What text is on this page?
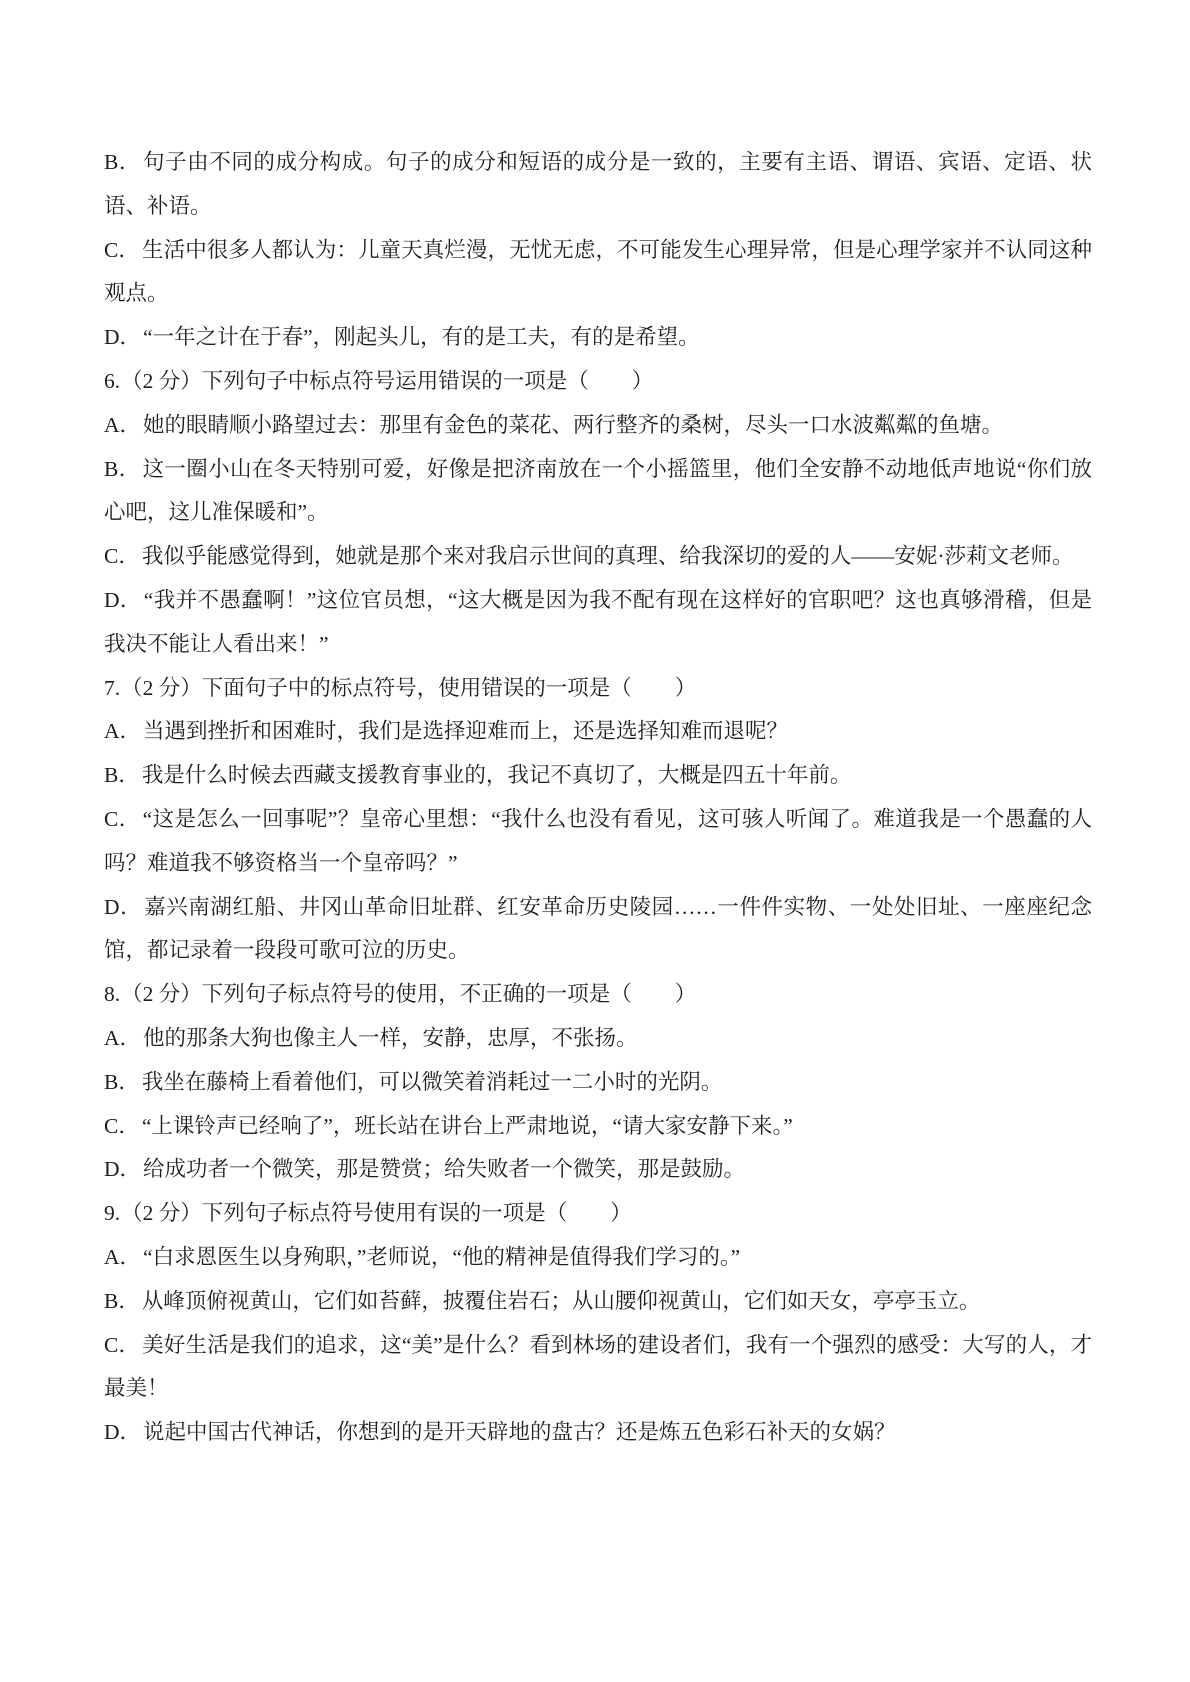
B．句子由不同的成分构成。句子的成分和短语的成分是一致的，主要有主语、谓语、宾语、定语、状语、补语。

C．生活中很多人都认为：儿童天真烂漫，无忧无虑，不可能发生心理异常，但是心理学家并不认同这种观点。

D．“一年之计在于春”，刚起头儿，有的是工夫，有的是希望。

6.（2 分）下列句子中标点符号运用错误的一项是（　　）

A．她的眼睛顺小路望过去：那里有金色的菜花、两行整齐的桑树，尽头一口水波粼粼的鱼塘。

B．这一圈小山在冬天特别可爱，好像是把济南放在一个小摇篮里，他们全安静不动地低声地说“你们放心吧，这儿准保暖和”。

C．我似乎能感觉得到，她就是那个来对我启示世间的真理、给我深切的爱的人——安妮·莎莉文老师。

D．“我并不愚蠢啊！”这位官员想，“这大概是因为我不配有现在这样好的官职吧？这也真够滑稽，但是我决不能让人看出来！”

7.（2 分）下面句子中的标点符号，使用错误的一项是（　　）

A．当遇到挫折和困难时，我们是选择迎难而上，还是选择知难而退呢？

B．我是什么时候去西藏支援教育事业的，我记不真切了，大概是四五十年前。

C．“这是怎么一回事呢”？皇帝心里想：“我什么也没有看见，这可骇人听闻了。难道我是一个愚蠢的人吗？难道我不够资格当一个皇帝吗？”

D．嘉兴南湖红船、井冈山革命旧址群、红安革命历史陵园……一件件实物、一处处旧址、一座座纪念馆，都记录着一段段可歌可泣的历史。

8.（2 分）下列句子标点符号的使用，不正确的一项是（　　）

A．他的那条大狗也像主人一样，安静，忠厚，不张扬。

B．我坐在藤椅上看着他们，可以微笑着消耗过一二小时的光阴。

C．“上课铃声已经响了”，班长站在讲台上严肃地说，“请大家安静下来。”

D．给成功者一个微笑，那是赞赏；给失败者一个微笑，那是鼓励。

9.（2 分）下列句子标点符号使用有误的一项是（　　）

A．“白求恩医生以身殉职，”老师说，“他的精神是值得我们学习的。”

B．从峰顶俯视黄山，它们如苔藓，披覆住岩石；从山腰仰视黄山，它们如天女，亭亭玉立。

C．美好生活是我们的追求，这“美”是什么？看到林场的建设者们，我有一个强烈的感受：大写的人，才最美！

D．说起中国古代神话，你想到的是开天辟地的盘古？还是炼五色彩石补天的女娲？
